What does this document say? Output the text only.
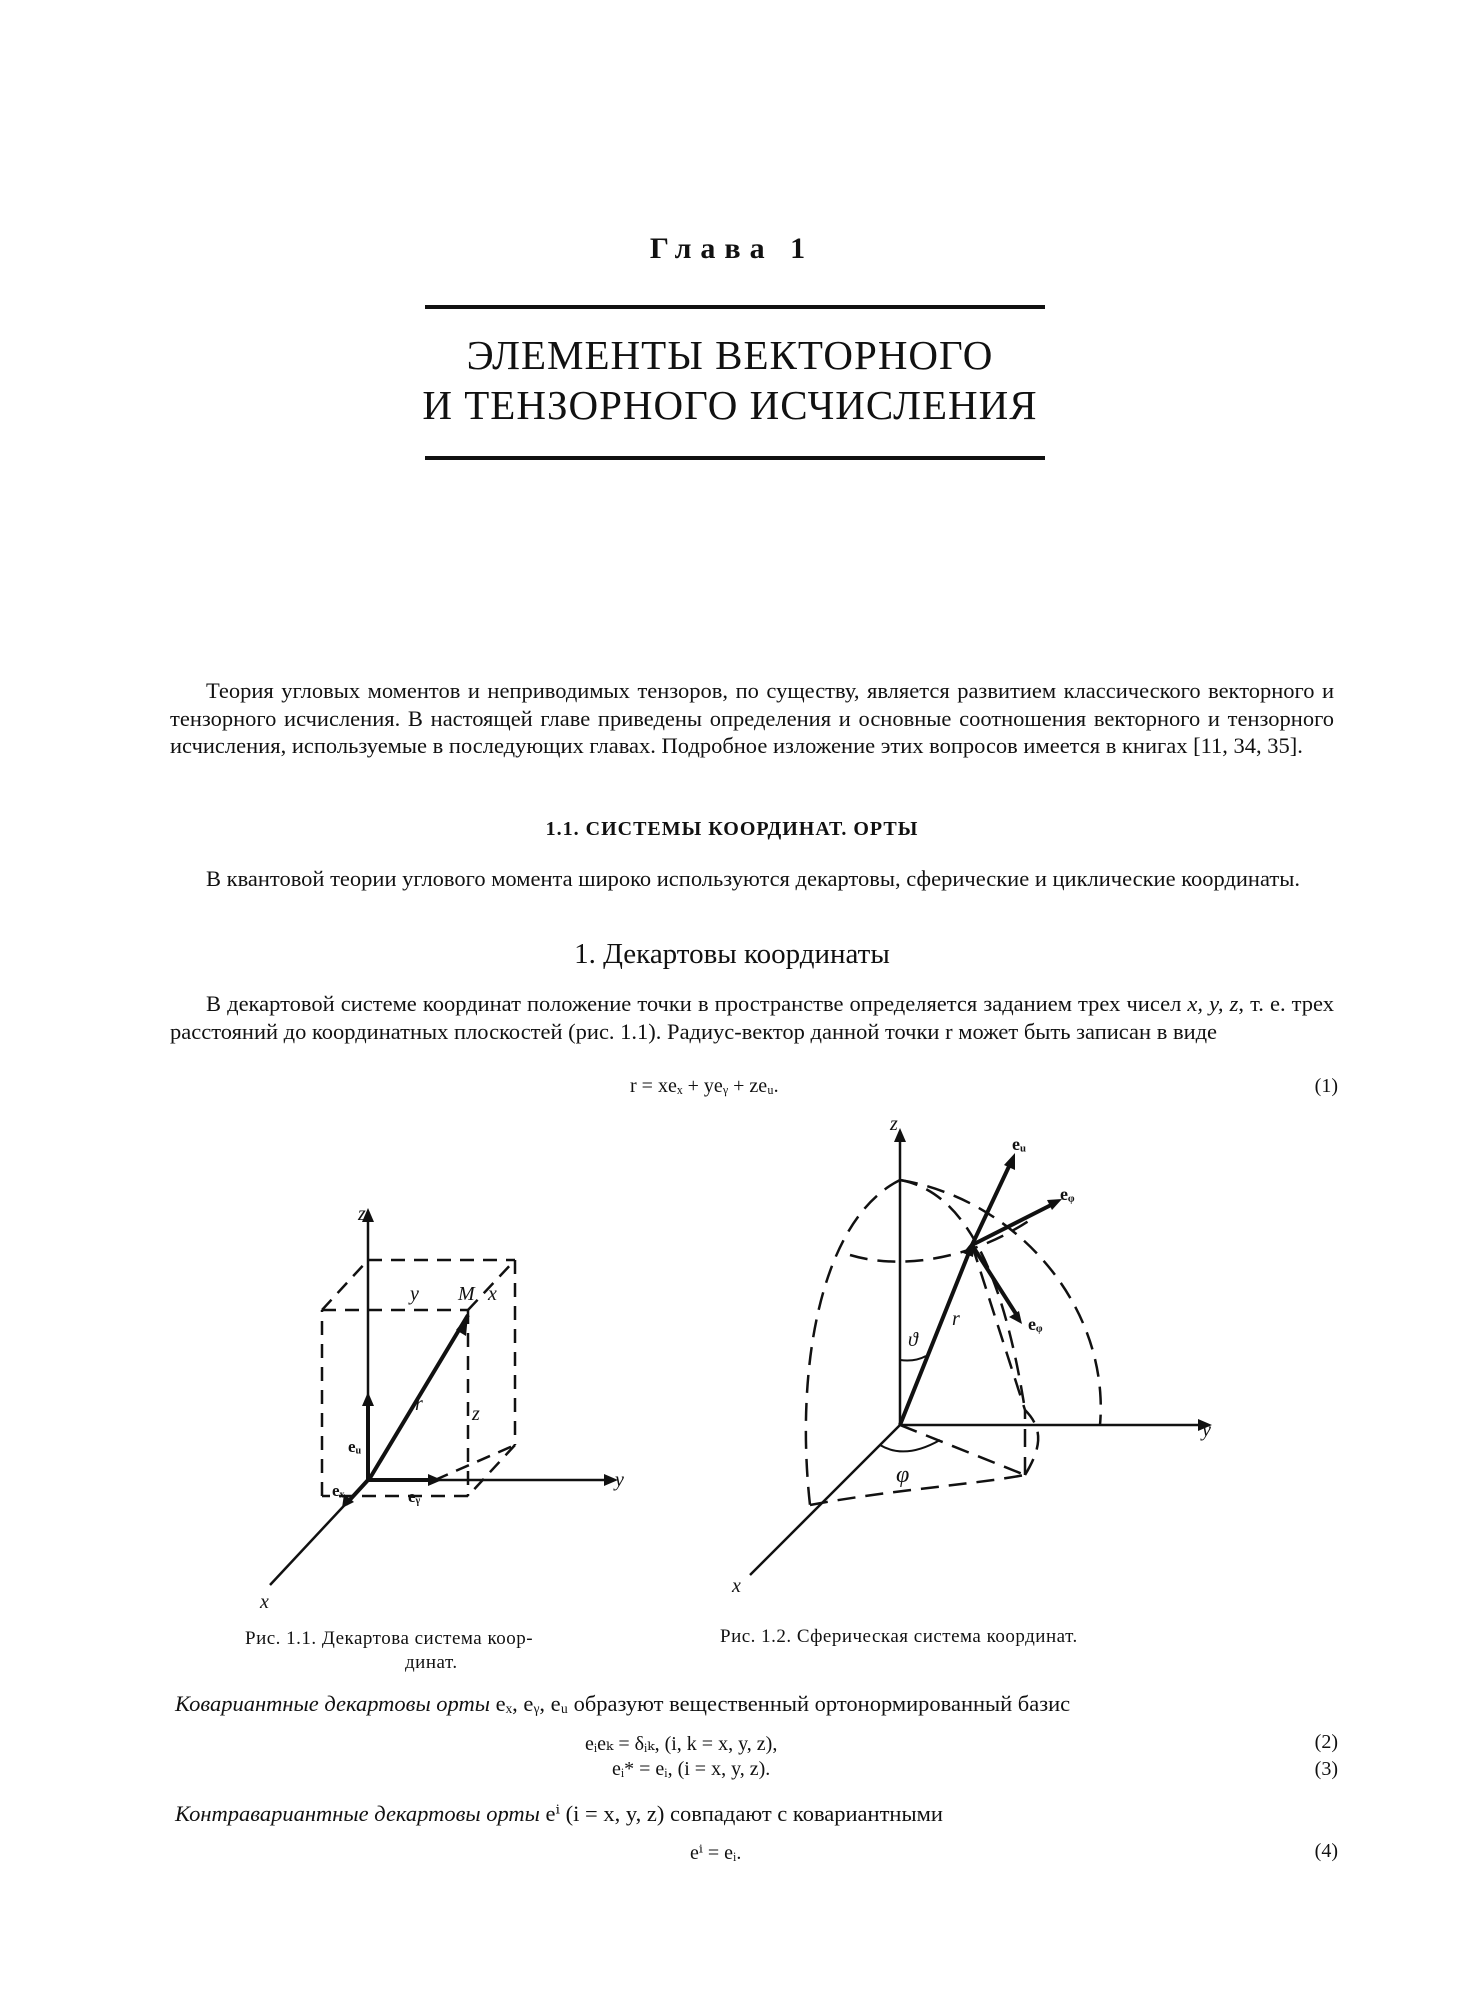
Глава 1
ЭЛЕМЕНТЫ ВЕКТОРНОГО
И ТЕНЗОРНОГО ИСЧИСЛЕНИЯ
Теория угловых моментов и неприводимых тензоров, по существу, является развитием классического векторного и тензорного исчисления. В настоящей главе приведены определения и основные соотношения векторного и тензорного исчисления, используемые в последующих главах. Подробное изложение этих вопросов имеется в книгах [11, 34, 35].
1.1. СИСТЕМЫ КООРДИНАТ. ОРТЫ
В квантовой теории углового момента широко используются декартовы, сферические и циклические координаты.
1. Декартовы координаты
В декартовой системе координат положение точки в пространстве определяется заданием трех чисел x, y, z, т. е. трех расстояний до координатных плоскостей (рис. 1.1). Радиус-вектор данной точки r может быть записан в виде
r = xeₓ + yeᵧ + zeᵤ.	(1)
z
y M x
z
r
y
x
eᵤ
eₓ	eᵧ
z
ϑ
r
φ
y
x
eᵤ
eᵩ
eᵩ
Рис. 1.1. Декартова система коор-
динат.
Рис. 1.2. Сферическая система координат.
Ковариантные декартовы орты eₓ, eᵧ, eᵤ образуют вещественный ортонормированный базис
eᵢeₖ = δᵢₖ, (i, k = x, y, z),	(2)
eᵢ* = eᵢ, (i = x, y, z).	(3)
Контравариантные декартовы орты eⁱ (i = x, y, z) совпадают с ковариантными
eⁱ = eᵢ.	(4)
